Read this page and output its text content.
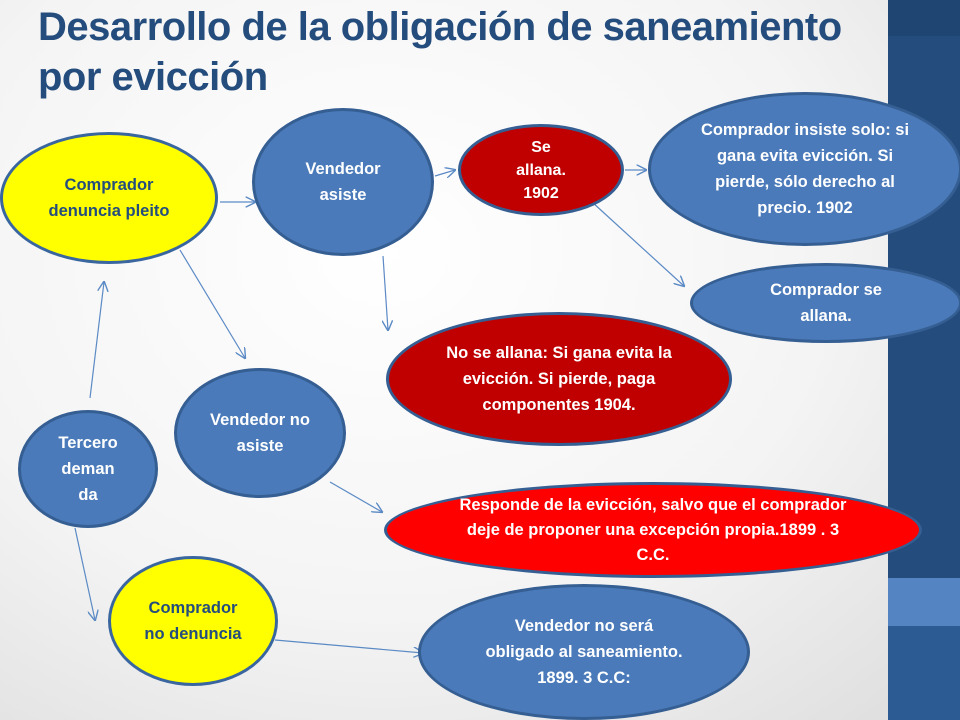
Desarrollo de la obligación de saneamiento por evicción
Comprador denuncia pleito
Vendedor asiste
Se allana. 1902
Comprador insiste solo: si gana evita evicción. Si pierde, sólo derecho al precio. 1902
Comprador se allana.
No se allana: Si gana evita la evicción. Si pierde, paga componentes 1904.
Vendedor no asiste
Tercero deman da
Responde de la evicción, salvo que el comprador deje de proponer una excepción propia.1899 . 3 C.C.
Comprador no denuncia	Vendedor no será obligado al saneamiento. 1899. 3 C.C:
